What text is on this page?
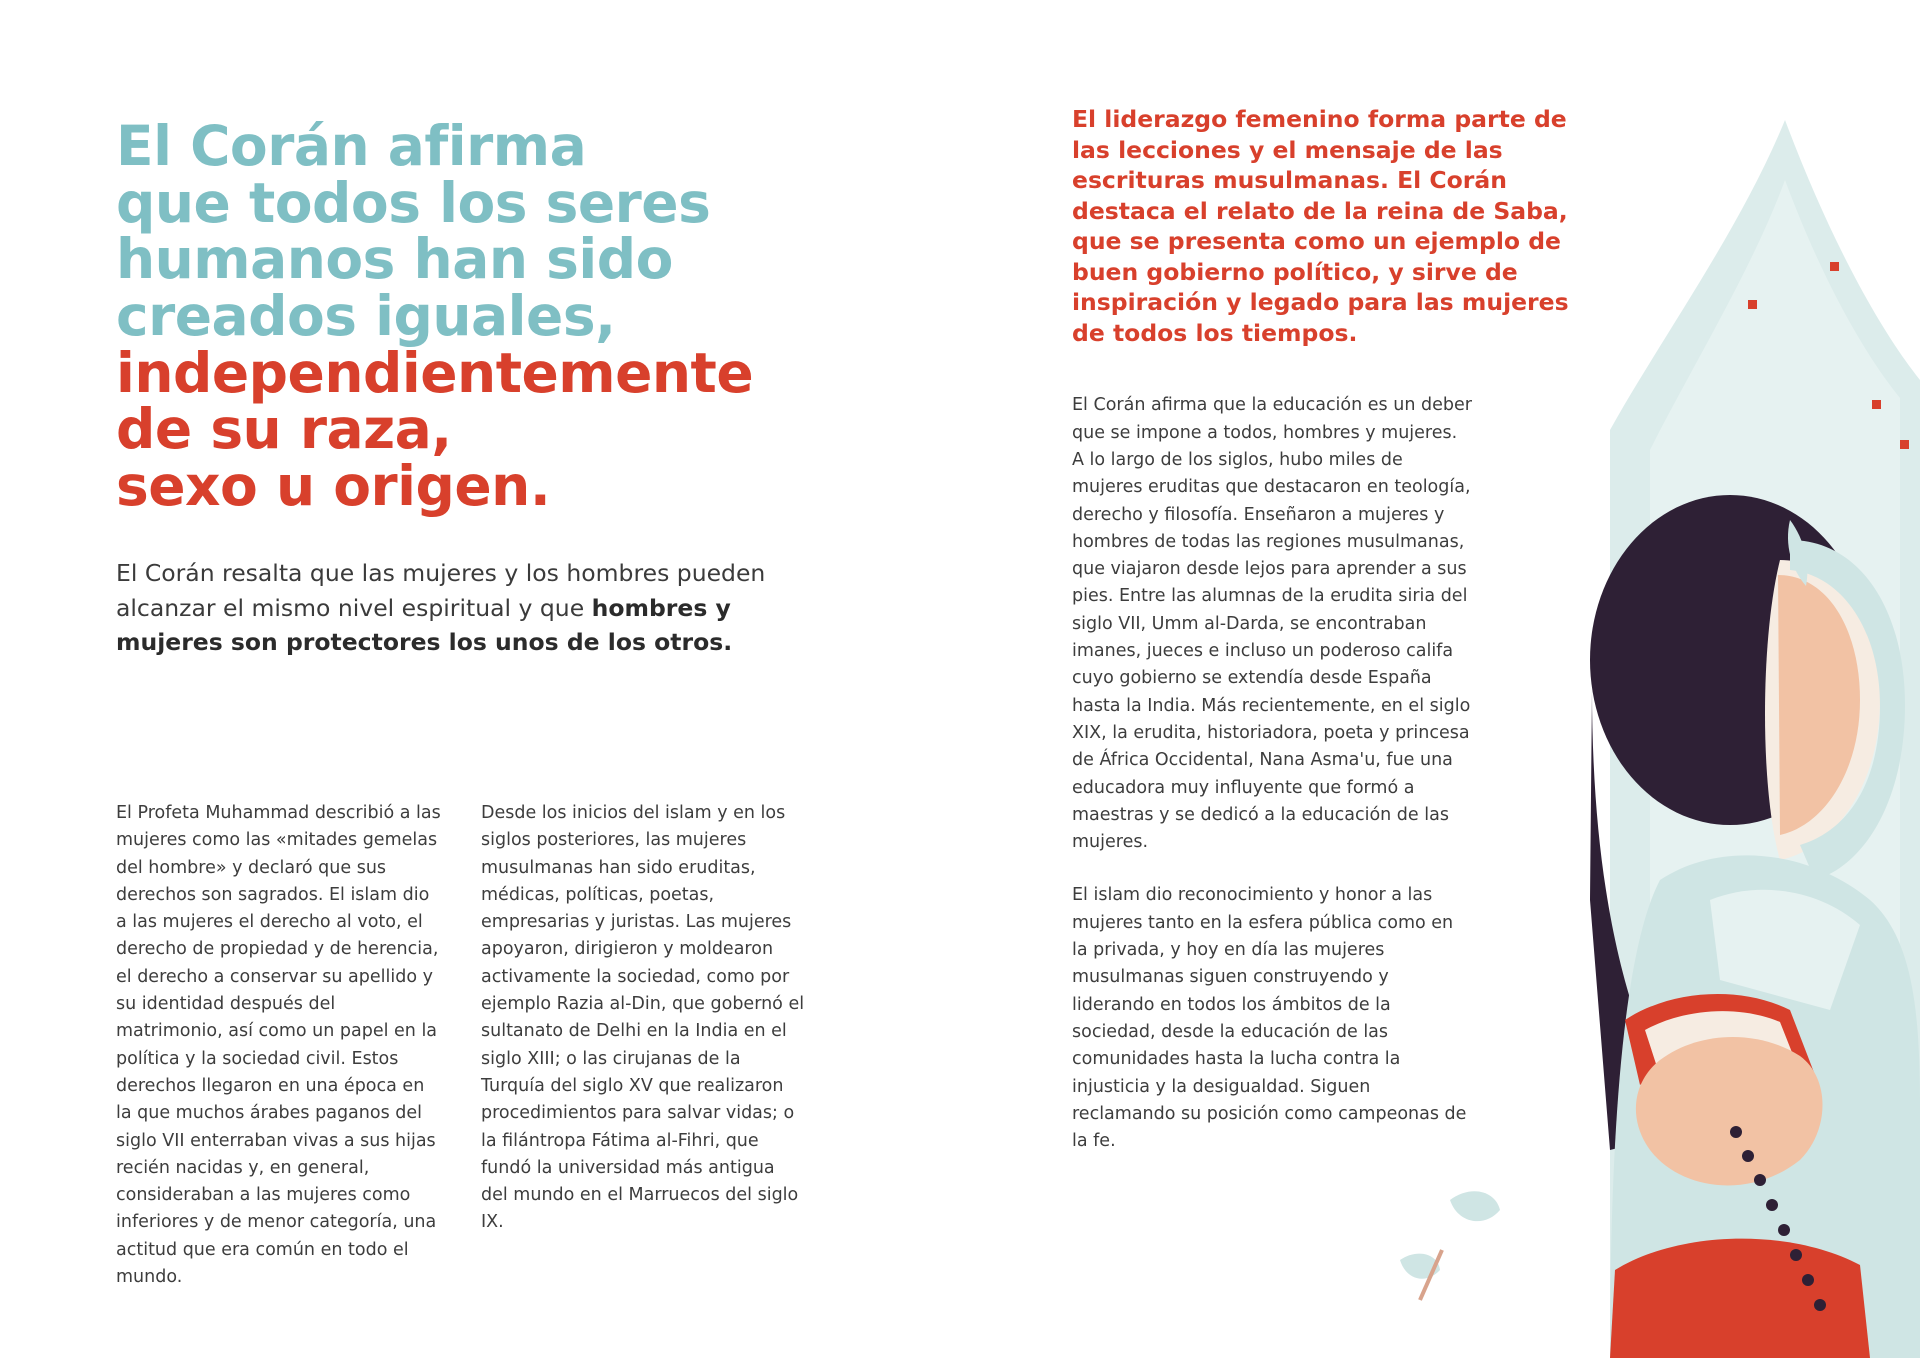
El Corán afirma
que todos los seres
humanos han sido
creados iguales,
independientemente
de su raza,
sexo u origen.

El Corán resalta que las mujeres y los hombres pueden alcanzar el mismo nivel espiritual y que hombres y mujeres son protectores los unos de los otros.

El Profeta Muhammad describió a las mujeres como las «mitades gemelas del hombre» y declaró que sus derechos son sagrados. El islam dio a las mujeres el derecho al voto, el derecho de propiedad y de herencia, el derecho a conservar su apellido y su identidad después del matrimonio, así como un papel en la política y la sociedad civil. Estos derechos llegaron en una época en la que muchos árabes paganos del siglo VII enterraban vivas a sus hijas recién nacidas y, en general, consideraban a las mujeres como inferiores y de menor categoría, una actitud que era común en todo el mundo.

Desde los inicios del islam y en los siglos posteriores, las mujeres musulmanas han sido eruditas, médicas, políticas, poetas, empresarias y juristas. Las mujeres apoyaron, dirigieron y moldearon activamente la sociedad, como por ejemplo Razia al-Din, que gobernó el sultanato de Delhi en la India en el siglo XIII; o las cirujanas de la Turquía del siglo XV que realizaron procedimientos para salvar vidas; o la filántropa Fátima al-Fihri, que fundó la universidad más antigua del mundo en el Marruecos del siglo IX.

El liderazgo femenino forma parte de las lecciones y el mensaje de las escrituras musulmanas. El Corán destaca el relato de la reina de Saba, que se presenta como un ejemplo de buen gobierno político, y sirve de inspiración y legado para las mujeres de todos los tiempos.

El Corán afirma que la educación es un deber que se impone a todos, hombres y mujeres. A lo largo de los siglos, hubo miles de mujeres eruditas que destacaron en teología, derecho y filosofía. Enseñaron a mujeres y hombres de todas las regiones musulmanas, que viajaron desde lejos para aprender a sus pies. Entre las alumnas de la erudita siria del siglo VII, Umm al-Darda, se encontraban imanes, jueces e incluso un poderoso califa cuyo gobierno se extendía desde España hasta la India. Más recientemente, en el siglo XIX, la erudita, historiadora, poeta y princesa de África Occidental, Nana Asma'u, fue una educadora muy influyente que formó a maestras y se dedicó a la educación de las mujeres.

El islam dio reconocimiento y honor a las mujeres tanto en la esfera pública como en la privada, y hoy en día las mujeres musulmanas siguen construyendo y liderando en todos los ámbitos de la sociedad, desde la educación de las comunidades hasta la lucha contra la injusticia y la desigualdad. Siguen reclamando su posición como campeonas de la fe.
